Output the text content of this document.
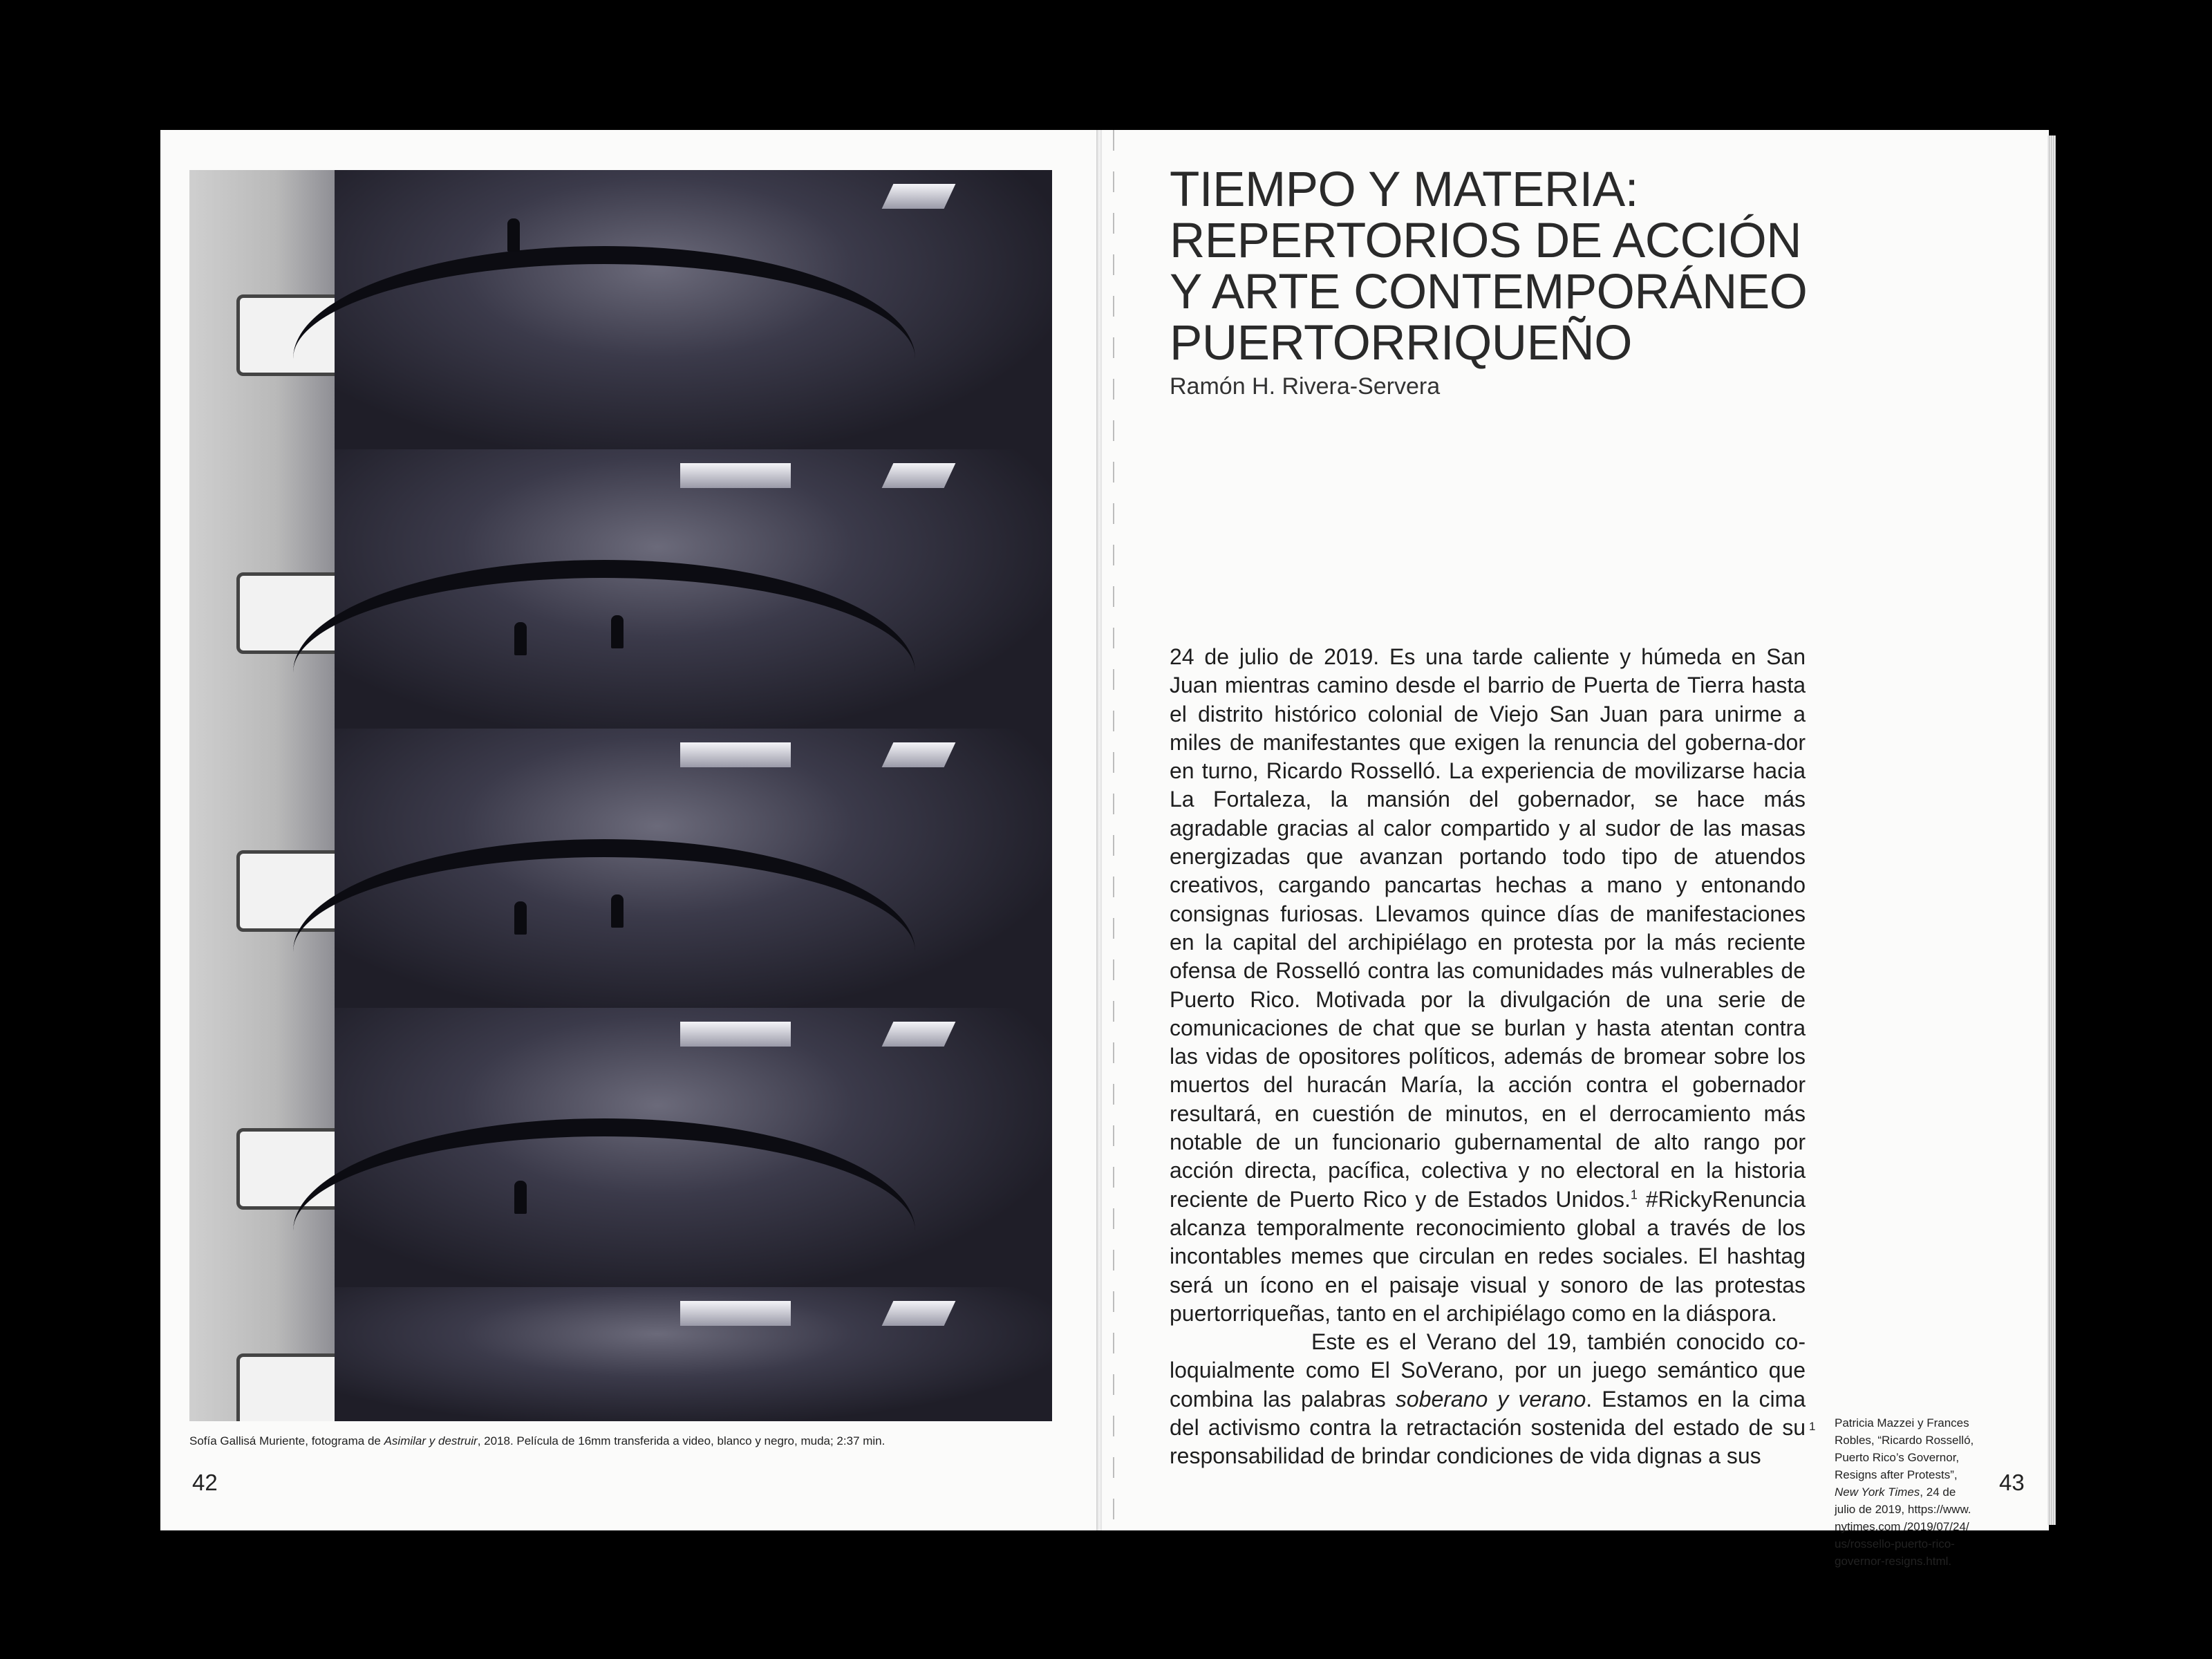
Sofía Gallisá Muriente, fotograma de Asimilar y destruir, 2018. Película de 16mm transferida a video, blanco y negro, muda; 2:37 min.
42
TIEMPO Y MATERIA:
REPERTORIOS DE ACCIÓN
Y ARTE CONTEMPORÁNEO
PUERTORRIQUEÑO
Ramón H. Rivera-Servera

24 de julio de 2019. Es una tarde caliente y húmeda en San Juan mientras camino desde el barrio de Puerta de Tierra hasta el distrito histórico colonial de Viejo San Juan para unirme a miles de manifestantes que exigen la renuncia del goberna-dor en turno, Ricardo Rosselló. La experiencia de movilizarse hacia La Fortaleza, la mansión del gobernador, se hace más agradable gracias al calor compartido y al sudor de las masas energizadas que avanzan portando todo tipo de atuendos creativos, cargando pancartas hechas a mano y entonando consignas furiosas. Llevamos quince días de manifestaciones en la capital del archipiélago en protesta por la más reciente ofensa de Rosselló contra las comunidades más vulnerables de Puerto Rico. Motivada por la divulgación de una serie de comunicaciones de chat que se burlan y hasta atentan contra las vidas de opositores políticos, además de bromear sobre los muertos del huracán María, la acción contra el gobernador resultará, en cuestión de minutos, en el derrocamiento más notable de un funcionario gubernamental de alto rango por acción directa, pacífica, colectiva y no electoral en la historia reciente de Puerto Rico y de Estados Unidos.$^1$ #RickyRenuncia alcanza temporalmente reconocimiento global a través de los incontables memes que circulan en redes sociales. El hashtag será un ícono en el paisaje visual y sonoro de las protestas puertorriqueñas, tanto en el archipiélago como en la diáspora.

Este es el Verano del 19, también conocido co-loquialmente como El SoVerano, por un juego semántico que combina las palabras soberano y verano. Estamos en la cima del activismo contra la retractación sostenida del estado de su responsabilidad de brindar condiciones de vida dignas a sus

1 Patricia Mazzei y Frances
Robles, “Ricardo Rosselló,
Puerto Rico’s Governor,
Resigns after Protests”,
New York Times, 24 de
julio de 2019, https://www.
nytimes.com /2019/07/24/
us/rossello-puerto-rico-
governor-resigns.html.
43
